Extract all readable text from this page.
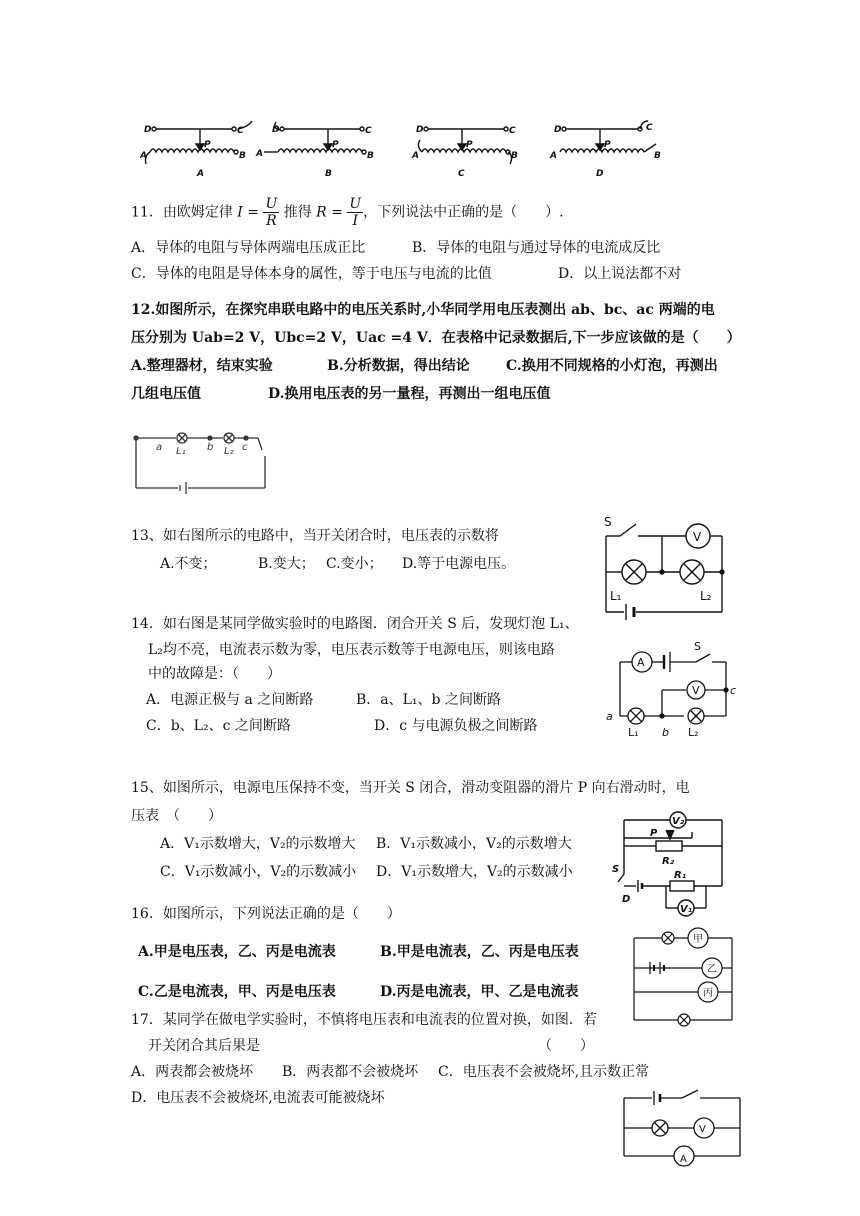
D	C
P
A	B
A
D	C
P
A	B
B
D	C
P
A	B
C
D	C
P
A	B
D
11．由欧姆定律 $I = \frac{U}{R}$ 推得 $R = \frac{U}{I}$ ，下列说法中正确的是（　　）.
A．导体的电阻与导体两端电压成正比	B．导体的电阻与通过导体的电流成反比
C．导体的电阻是导体本身的属性，等于电压与电流的比值	D．以上说法都不对
12.如图所示，在探究串联电路中的电压关系时,小华同学用电压表测出 ab、bc、ac 两端的电
压分别为 Uab=2 V，Ubc=2 V，Uac =4 V．在表格中记录数据后,下一步应该做的是（　　）
A.整理器材，结束实验	B.分析数据，得出结论	C.换用不同规格的小灯泡，再测出
几组电压值	D.换用电压表的另一量程，再测出一组电压值
a L₁ b L₂ c
13、如右图所示的电路中，当开关闭合时，电压表的示数将
A.不变；	B.变大； C.变小； D.等于电源电压。
S
V
L₁	L₂
14．如右图是某同学做实验时的电路图．闭合开关 S 后，发现灯泡 L₁、
L₂均不亮，电流表示数为零，电压表示数等于电源电压，则该电路
中的故障是：（　　）
A．电源正极与 a 之间断路	B．a、L₁、b 之间断路
C．b、L₂、c 之间断路	D．c 与电源负极之间断路
A
S
V	c
a
b
L₁	L₂
15、如图所示，电源电压保持不变，当开关 S 闭合，滑动变阻器的滑片 P 向右滑动时，电
压表　（　　）
A．V₁示数增大，V₂的示数增大 B．V₁示数减小，V₂的示数增大
C．V₁示数减小，V₂的示数减小 D．V₁示数增大，V₂的示数减小
V₂
P
R₂
R₁
S
D
V₁
16．如图所示，下列说法正确的是（　　）
A.甲是电压表，乙、丙是电流表	B.甲是电流表，乙、丙是电压表
C.乙是电流表，甲、丙是电压表	D.丙是电流表，甲、乙是电流表
甲
乙
丙
17．某同学在做电学实验时，不慎将电压表和电流表的位置对换，如图．若
开关闭合其后果是	（　　）
A．两表都会被烧坏 B．两表都不会被烧坏 C．电压表不会被烧坏,且示数正常
D．电压表不会被烧坏,电流表可能被烧坏
V
A
